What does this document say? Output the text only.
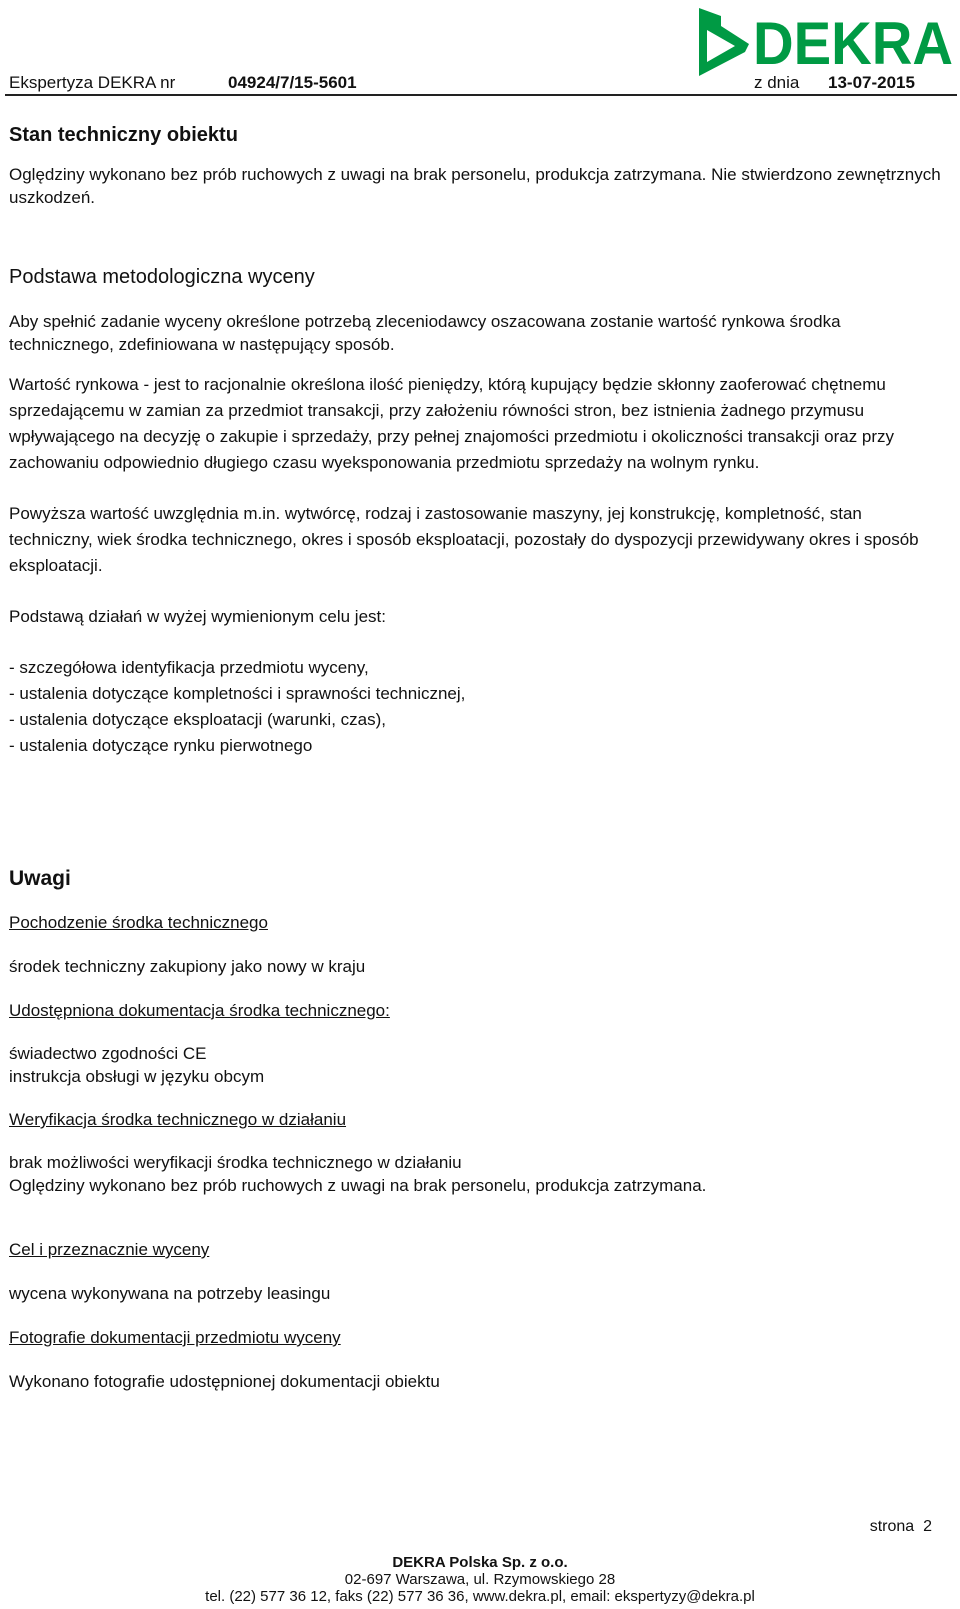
DEKRA
Ekspertyza DEKRA nr	04924/7/15-5601	z dnia 13-07-2015
Stan techniczny obiektu

Oględziny wykonano bez prób ruchowych z uwagi na brak personelu, produkcja zatrzymana. Nie stwierdzono zewnętrznych uszkodzeń.

Podstawa metodologiczna wyceny

Aby spełnić zadanie wyceny określone potrzebą zleceniodawcy oszacowana zostanie wartość rynkowa środka technicznego, zdefiniowana w następujący sposób.

Wartość rynkowa - jest to racjonalnie określona ilość pieniędzy, którą kupujący będzie skłonny zaoferować chętnemu sprzedającemu w zamian za przedmiot transakcji, przy założeniu równości stron, bez istnienia żadnego przymusu wpływającego na decyzję o zakupie i sprzedaży, przy pełnej znajomości przedmiotu i okoliczności transakcji oraz przy zachowaniu odpowiednio długiego czasu wyeksponowania przedmiotu sprzedaży na wolnym rynku.

Powyższa wartość uwzględnia m.in. wytwórcę, rodzaj i zastosowanie maszyny, jej konstrukcję, kompletność, stan techniczny, wiek środka technicznego, okres i sposób eksploatacji, pozostały do dyspozycji przewidywany okres i sposób eksploatacji.

Podstawą działań w wyżej wymienionym celu jest:

- szczegółowa identyfikacja przedmiotu wyceny,

- ustalenia dotyczące kompletności i sprawności technicznej,

- ustalenia dotyczące eksploatacji (warunki, czas),

- ustalenia dotyczące rynku pierwotnego

Uwagi

Pochodzenie środka technicznego

środek techniczny zakupiony jako nowy w kraju

Udostępniona dokumentacja środka technicznego:

świadectwo zgodności CE

instrukcja obsługi w języku obcym

Weryfikacja środka technicznego w działaniu

brak możliwości weryfikacji środka technicznego w działaniu

Oględziny wykonano bez prób ruchowych z uwagi na brak personelu, produkcja zatrzymana.

Cel i przeznacznie wyceny

wycena wykonywana na potrzeby leasingu

Fotografie dokumentacji przedmiotu wyceny

Wykonano fotografie udostępnionej dokumentacji obiektu

strona 2
DEKRA Polska Sp. z o.o.
02-697 Warszawa, ul. Rzymowskiego 28
tel. (22) 577 36 12, faks (22) 577 36 36, www.dekra.pl, email: ekspertyzy@dekra.pl
